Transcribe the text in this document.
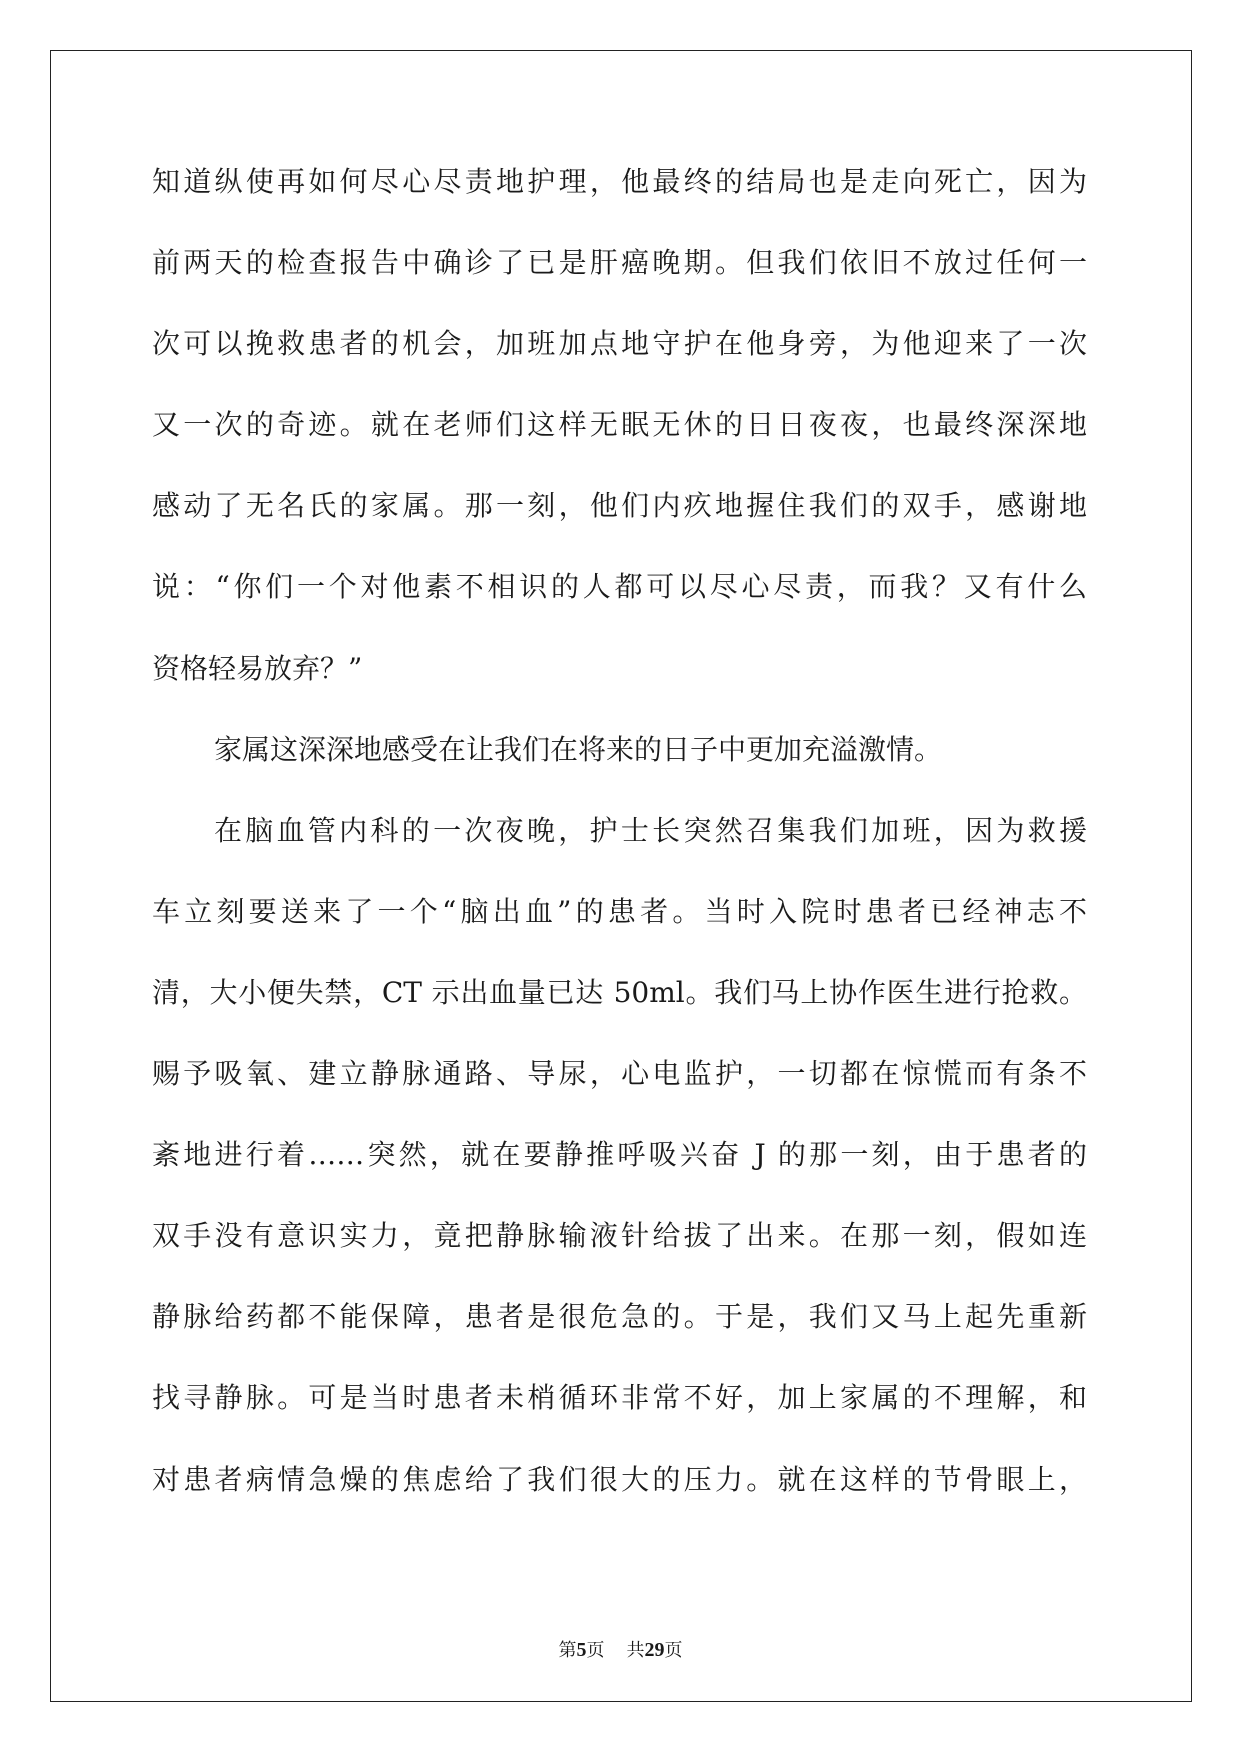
知道纵使再如何尽心尽责地护理，他最终的结局也是走向死亡，因为
前两天的检查报告中确诊了已是肝癌晚期。但我们依旧不放过任何一
次可以挽救患者的机会，加班加点地守护在他身旁，为他迎来了一次
又一次的奇迹。就在老师们这样无眠无休的日日夜夜，也最终深深地
感动了无名氏的家属。那一刻，他们内疚地握住我们的双手，感谢地
说：“你们一个对他素不相识的人都可以尽心尽责，而我？又有什么
资格轻易放弃？”
家属这深深地感受在让我们在将来的日子中更加充溢激情。
在脑血管内科的一次夜晚，护士长突然召集我们加班，因为救援
车立刻要送来了一个“脑出血”的患者。当时入院时患者已经神志不
清，大小便失禁，CT 示出血量已达 50ml。我们马上协作医生进行抢救。
赐予吸氧、建立静脉通路、导尿，心电监护，一切都在惊慌而有条不
紊地进行着……突然，就在要静推呼吸兴奋 J 的那一刻，由于患者的
双手没有意识实力，竟把静脉输液针给拔了出来。在那一刻，假如连
静脉给药都不能保障，患者是很危急的。于是，我们又马上起先重新
找寻静脉。可是当时患者未梢循环非常不好，加上家属的不理解，和
对患者病情急燥的焦虑给了我们很大的压力。就在这样的节骨眼上，
第5页 共29页
